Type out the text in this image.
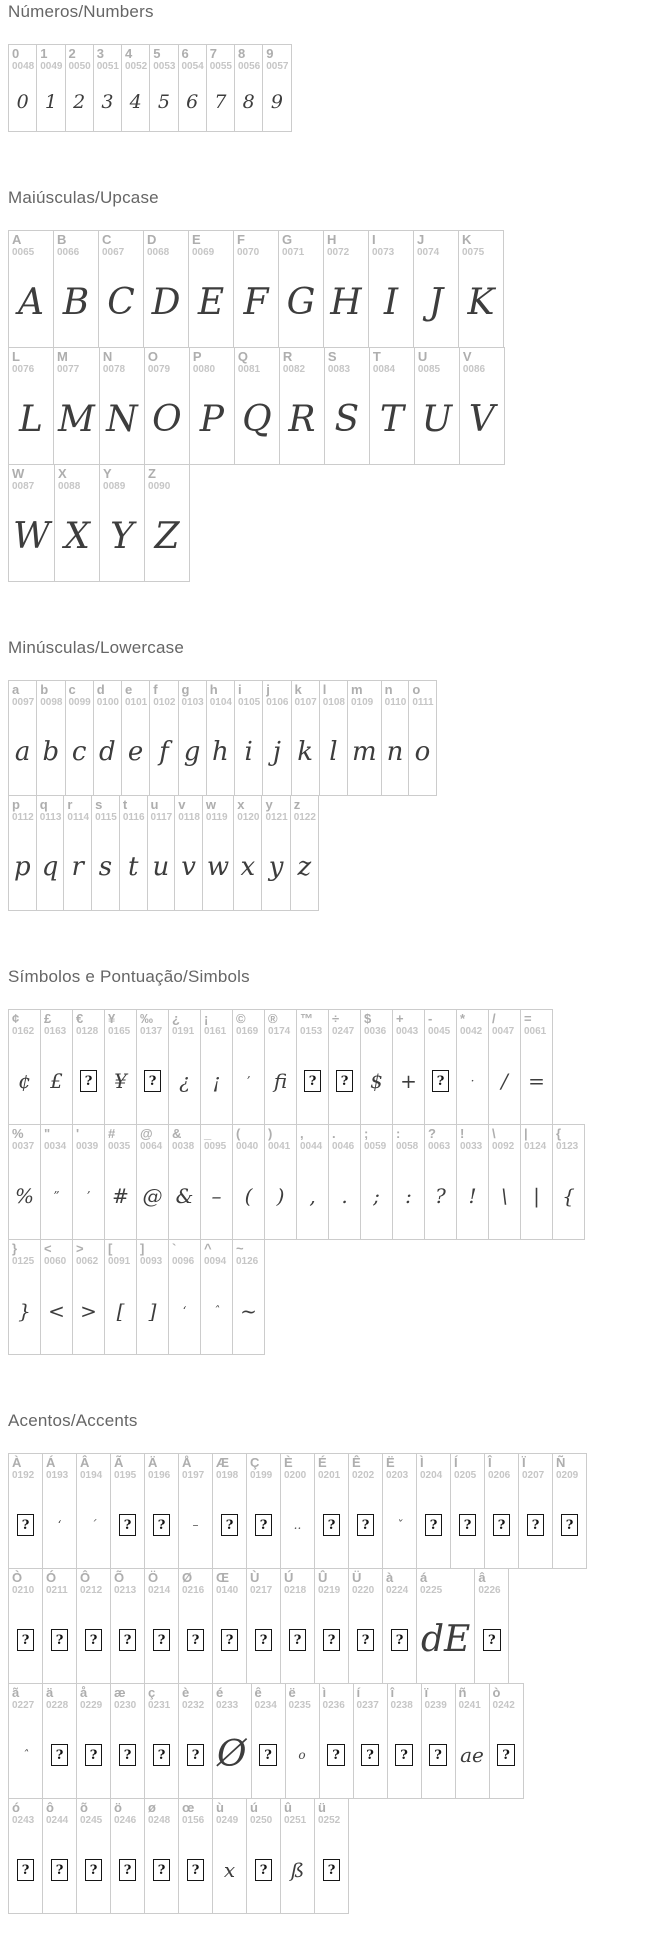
Números/Numbers
0
0048
0
1
0049
1
2
0050
2
3
0051
3
4
0052
4
5
0053
5
6
0054
6
7
0055
7
8
0056
8
9
0057
9
Maiúsculas/Upcase
A
0065
A
B
0066
B
C
0067
C
D
0068
D
E
0069
E
F
0070
F
G
0071
G
H
0072
H
I
0073
I
J
0074
J
K
0075
K
L
0076
L
M
0077
M
N
0078
N
O
0079
O
P
0080
P
Q
0081
Q
R
0082
R
S
0083
S
T
0084
T
U
0085
U
V
0086
V
W
0087
W
X
0088
X
Y
0089
Y
Z
0090
Z
Minúsculas/Lowercase
a
0097
a
b
0098
b
c
0099
c
d
0100
d
e
0101
e
f
0102
f
g
0103
g
h
0104
h
i
0105
i
j
0106
j
k
0107
k
l
0108
l
m
0109
m
n
0110
n
o
0111
o
p
0112
p
q
0113
q
r
0114
r
s
0115
s
t
0116
t
u
0117
u
v
0118
v
w
0119
w
x
0120
x
y
0121
y
z
0122
z
Símbolos e Pontuação/Simbols
¢
0162
¢
£
0163
£
€
0128
?
¥
0165
¥
‰
0137
?
¿
0191
¿
¡
0161
¡
©
0169
’
®
0174
fi
™
0153
?
÷
0247
?
$
0036
$
+
0043
+
-
0045
?
*
0042
·
/
0047
/
=
0061
=
%
0037
%
"
0034
”
'
0039
’
#
0035
#
@
0064
@
&
0038
&
_
0095
–
(
0040
(
)
0041
)
,
0044
,
.
0046
.
;
0059
;
:
0058
:
?
0063
?
!
0033
!
\
0092
\
|
0124
|
{
0123
{
}
0125
}
<
0060
<
>
0062
>
[
0091
[
]
0093
]
`
0096
‘
^
0094
ˆ
~
0126
~
Acentos/Accents
À
0192
?
Á
0193
‘
Â
0194
´
Ã
0195
?
Ä
0196
?
Å
0197
–
Æ
0198
?
Ç
0199
?
È
0200
..
É
0201
?
Ê
0202
?
Ë
0203
ˇ
Ì
0204
?
Í
0205
?
Î
0206
?
Ï
0207
?
Ñ
0209
?
Ò
0210
?
Ó
0211
?
Ô
0212
?
Õ
0213
?
Ö
0214
?
Ø
0216
?
Œ
0140
?
Ù
0217
?
Ú
0218
?
Û
0219
?
Ü
0220
?
à
0224
?
á
0225
dE
â
0226
?
ã
0227
ˆ
ä
0228
?
å
0229
?
æ
0230
?
ç
0231
?
è
0232
?
é
0233
Ø
ê
0234
?
ë
0235
o
ì
0236
?
í
0237
?
î
0238
?
ï
0239
?
ñ
0241
ae
ò
0242
?
ó
0243
?
ô
0244
?
õ
0245
?
ö
0246
?
ø
0248
?
œ
0156
?
ù
0249
x
ú
0250
?
û
0251
ß
ü
0252
?
